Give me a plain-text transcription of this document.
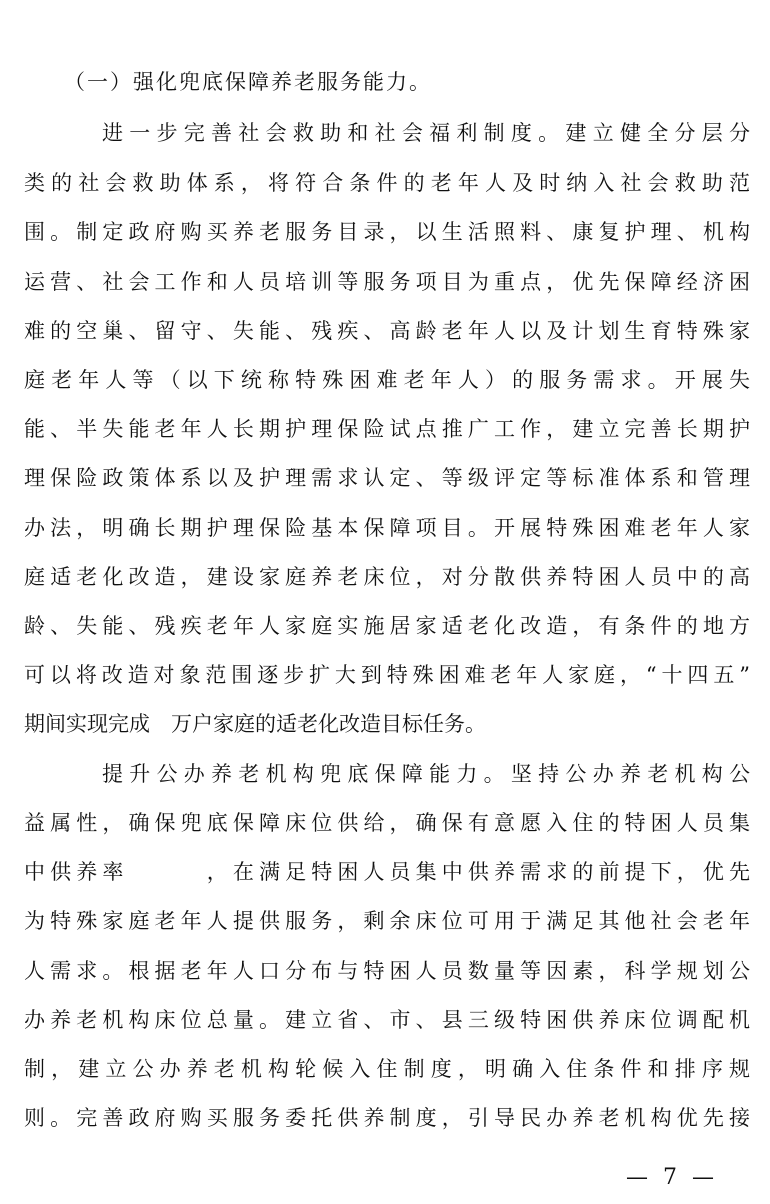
（一）强化兜底保障养老服务能力。
进一步完善社会救助和社会福利制度。建立健全分层分
类的社会救助体系，将符合条件的老年人及时纳入社会救助范
围。制定政府购买养老服务目录，以生活照料、康复护理、机构
运营、社会工作和人员培训等服务项目为重点，优先保障经济困
难的空巢、留守、失能、残疾、高龄老年人以及计划生育特殊家
庭老年人等（以下统称特殊困难老年人）的服务需求。开展失
能、半失能老年人长期护理保险试点推广工作，建立完善长期护
理保险政策体系以及护理需求认定、等级评定等标准体系和管理
办法，明确长期护理保险基本保障项目。开展特殊困难老年人家
庭适老化改造，建设家庭养老床位，对分散供养特困人员中的高
龄、失能、残疾老年人家庭实施居家适老化改造，有条件的地方
可以将改造对象范围逐步扩大到特殊困难老年人家庭，“十四五”
期间实现完成　万户家庭的适老化改造目标任务。
提升公办养老机构兜底保障能力。坚持公办养老机构公
益属性，确保兜底保障床位供给，确保有意愿入住的特困人员集
中供养率　　　，在满足特困人员集中供养需求的前提下，优先
为特殊家庭老年人提供服务，剩余床位可用于满足其他社会老年
人需求。根据老年人口分布与特困人员数量等因素，科学规划公
办养老机构床位总量。建立省、市、县三级特困供养床位调配机
制，建立公办养老机构轮候入住制度，明确入住条件和排序规
则。完善政府购买服务委托供养制度，引导民办养老机构优先接
— 7 —
